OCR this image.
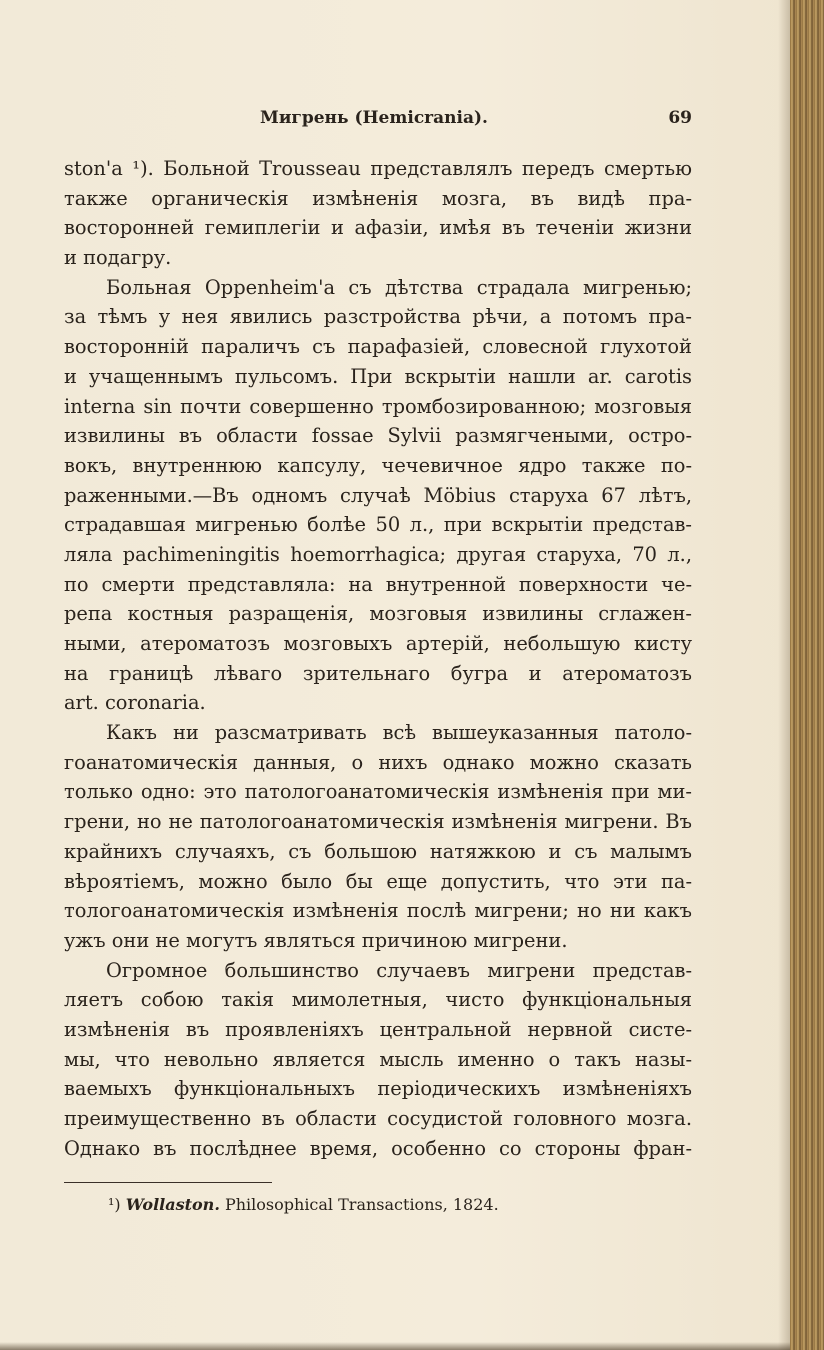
Мигрень (Hemicrania).	69
ston'a ¹). Больной Trousseau представлялъ передъ смертью
также органическія измѣненія мозга, въ видѣ пра-
восторонней гемиплегіи и афазіи, имѣя въ теченіи жизни
и подагру.
Больная Oppenheim'a съ дѣтства страдала мигренью;
за тѣмъ у нея явились разстройства рѣчи, а потомъ пра-
восторонній параличъ съ парафазіей, словесной глухотой
и учащеннымъ пульсомъ. При вскрытіи нашли ar. carotis
interna sin почти совершенно тромбозированною; мозговыя
извилины въ области fossae Sylvii размягчеными, остро-
вокъ, внутреннюю капсулу, чечевичное ядро также по-
раженными.—Въ одномъ случаѣ Möbius старуха 67 лѣтъ,
страдавшая мигренью болѣе 50 л., при вскрытіи представ-
ляла pachimeningitis hoemorrhagica; другая старуха, 70 л.,
по смерти представляла: на внутренной поверхности че-
репа костныя разращенія, мозговыя извилины сглажен-
ными, атероматозъ мозговыхъ артерій, небольшую кисту
на границѣ лѣваго зрительнаго бугра и атероматозъ
art. coronaria.
Какъ ни разсматривать всѣ вышеуказанныя патоло-
гоанатомическія данныя, о нихъ однако можно сказать
только одно: это патологоанатомическія измѣненія при ми-
грени, но не патологоанатомическія измѣненія мигрени. Въ
крайнихъ случаяхъ, съ большою натяжкою и съ малымъ
вѣроятіемъ, можно было бы еще допустить, что эти па-
тологоанатомическія измѣненія послѣ мигрени; но ни какъ
ужъ они не могутъ являться причиною мигрени.
Огромное большинство случаевъ мигрени представ-
ляетъ собою такія мимолетныя, чисто функціональныя
измѣненія въ проявленіяхъ центральной нервной систе-
мы, что невольно является мысль именно о такъ назы-
ваемыхъ функціональныхъ періодическихъ измѣненіяхъ
преимущественно въ области сосудистой головного мозга.
Однако въ послѣднее время, особенно со стороны фран-
¹) Wollaston. Philosophical Transactions, 1824.
